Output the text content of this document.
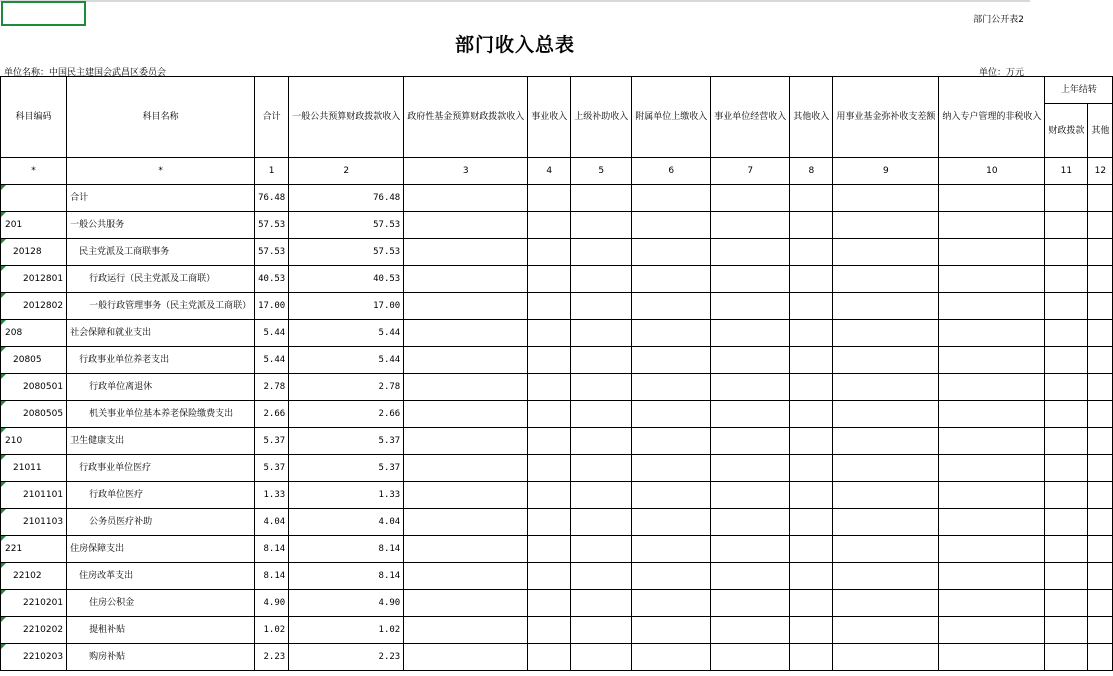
部门公开表2
部门收入总表
单位名称：中国民主建国会武昌区委员会	单位：万元
科目编码	科目名称	合计	一般公共预算财政拨款收入	政府性基金预算财政拨款收入	事业收入	上级补助收入	附属单位上缴收入	事业单位经营收入	其他收入	用事业基金弥补收支差额	纳入专户管理的非税收入	上年结转	
												财政拨款	其他
*	*	1	2	3	4	5	6	7	8	9	10	11	12
	合计	76.48	76.48										
201	一般公共服务	57.53	57.53										
20128	民主党派及工商联事务	57.53	57.53										
2012801	行政运行（民主党派及工商联）	40.53	40.53										
2012802	一般行政管理事务（民主党派及工商联）	17.00	17.00										
208	社会保障和就业支出	5.44	5.44										
20805	行政事业单位养老支出	5.44	5.44										
2080501	行政单位离退休	2.78	2.78										
2080505	机关事业单位基本养老保险缴费支出	2.66	2.66										
210	卫生健康支出	5.37	5.37										
21011	行政事业单位医疗	5.37	5.37										
2101101	行政单位医疗	1.33	1.33										
2101103	公务员医疗补助	4.04	4.04										
221	住房保障支出	8.14	8.14										
22102	住房改革支出	8.14	8.14										
2210201	住房公积金	4.90	4.90										
2210202	提租补贴	1.02	1.02										
2210203	购房补贴	2.23	2.23										
